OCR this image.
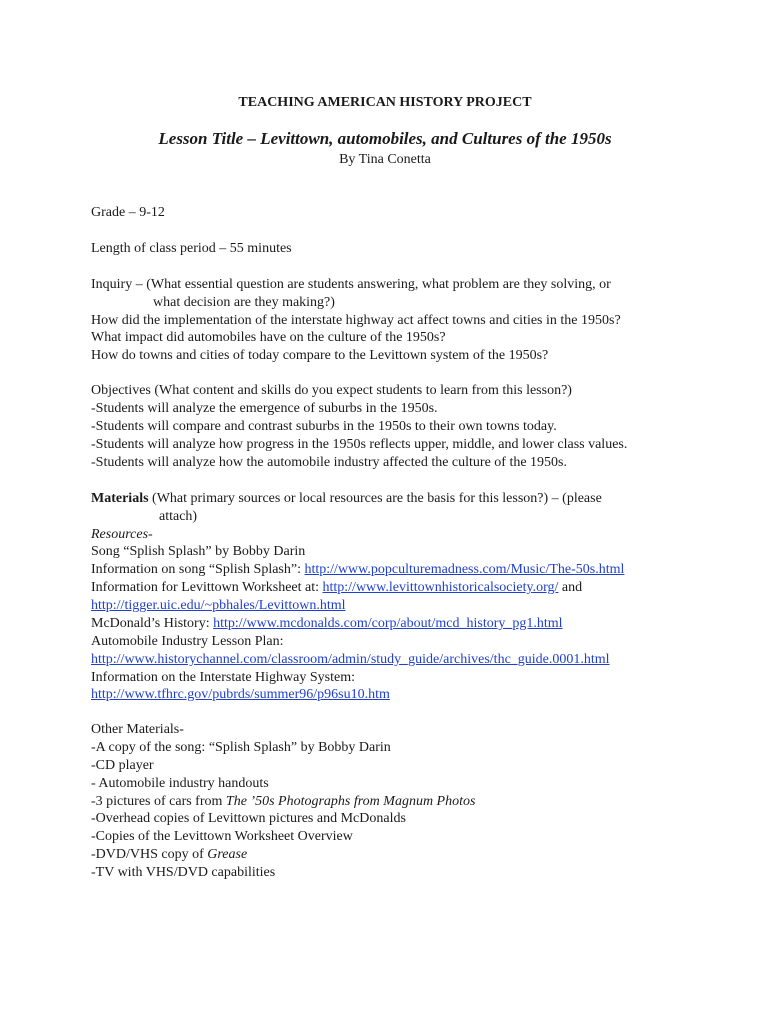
TEACHING AMERICAN HISTORY PROJECT
Lesson Title – Levittown, automobiles, and Cultures of the 1950s
By Tina Conetta
Grade – 9-12
Length of class period – 55 minutes
Inquiry – (What essential question are students answering, what problem are they solving, or
what decision are they making?)
How did the implementation of the interstate highway act affect towns and cities in the 1950s?
What impact did automobiles have on the culture of the 1950s?
How do towns and cities of today compare to the Levittown system of the 1950s?
Objectives (What content and skills do you expect students to learn from this lesson?)
-Students will analyze the emergence of suburbs in the 1950s.
-Students will compare and contrast suburbs in the 1950s to their own towns today.
-Students will analyze how progress in the 1950s reflects upper, middle, and lower class values.
-Students will analyze how the automobile industry affected the culture of the 1950s.
Materials (What primary sources or local resources are the basis for this lesson?) – (please
attach)
Resources-
Song “Splish Splash” by Bobby Darin
Information on song “Splish Splash”: http://www.popculturemadness.com/Music/The-50s.html
Information for Levittown Worksheet at: http://www.levittownhistoricalsociety.org/ and
http://tigger.uic.edu/~pbhales/Levittown.html
McDonald’s History: http://www.mcdonalds.com/corp/about/mcd_history_pg1.html
Automobile Industry Lesson Plan:
http://www.historychannel.com/classroom/admin/study_guide/archives/thc_guide.0001.html
Information on the Interstate Highway System:
http://www.tfhrc.gov/pubrds/summer96/p96su10.htm
Other Materials-
-A copy of the song: “Splish Splash” by Bobby Darin
-CD player
- Automobile industry handouts
-3 pictures of cars from The ’50s Photographs from Magnum Photos
-Overhead copies of Levittown pictures and McDonalds
-Copies of the Levittown Worksheet Overview
-DVD/VHS copy of Grease
-TV with VHS/DVD capabilities
